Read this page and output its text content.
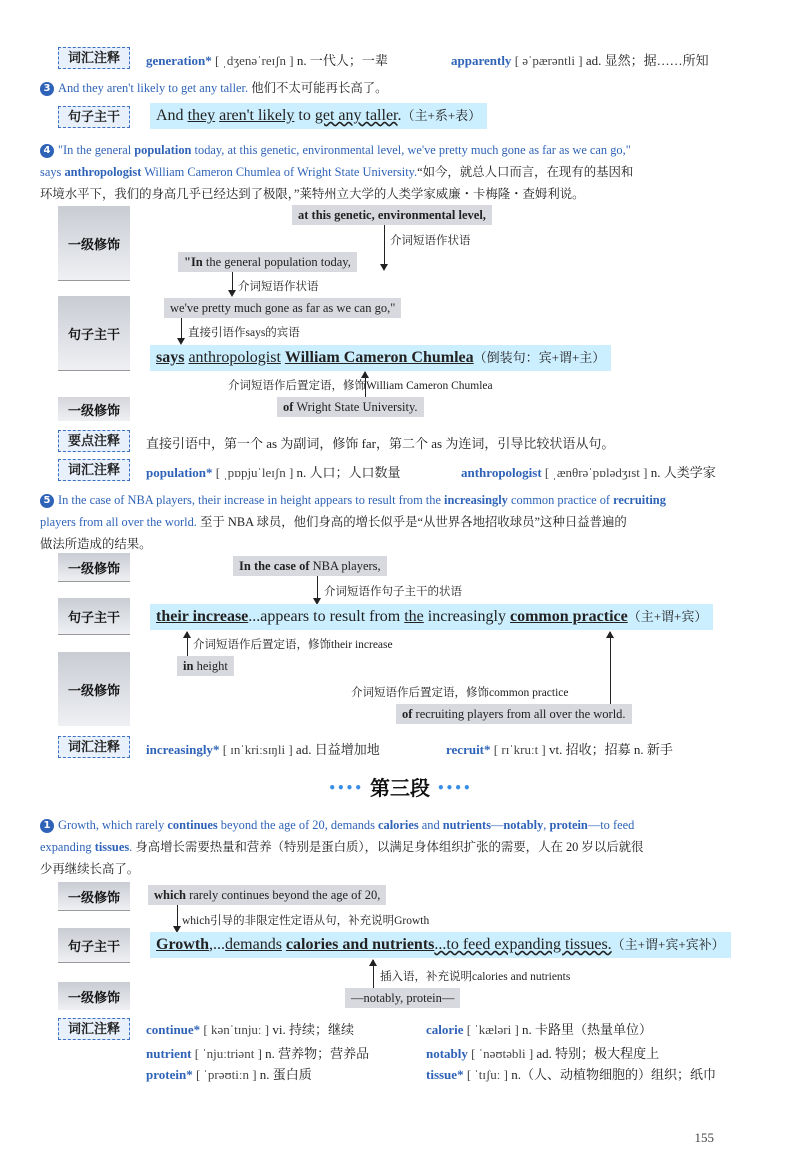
词汇注释	generation* [ ˌdʒenəˈreɪʃn ] n. 一代人；一辈	apparently [ əˈpærəntli ] ad. 显然；据……所知
3 And they aren't likely to get any taller. 他们不太可能再长高了。
句子主干	And they aren't likely to get any taller.（主+系+表）
4 "In the general population today, at this genetic, environmental level, we've pretty much gone as far as we can go,"
says anthropologist William Cameron Chumlea of Wright State University.“如今，就总人口而言，在现有的基因和
环境水平下，我们的身高几乎已经达到了极限，”莱特州立大学的人类学家威廉・卡梅隆・查姆利说。
一级修饰
句子主干
一级修饰
at this genetic, environmental level,
介词短语作状语
"In the general population today,
介词短语作状语
we've pretty much gone as far as we can go,"
直接引语作says的宾语
says anthropologist William Cameron Chumlea（倒装句：宾+谓+主）
介词短语作后置定语，修饰William Cameron Chumlea
of Wright State University.
要点注释	直接引语中，第一个 as 为副词，修饰 far，第二个 as 为连词，引导比较状语从句。
词汇注释	population* [ ˌpɒpjuˈleɪʃn ] n. 人口；人口数量	anthropologist [ ˌænθrəˈpɒlədʒɪst ] n. 人类学家
5 In the case of NBA players, their increase in height appears to result from the increasingly common practice of recruiting
players from all over the world. 至于 NBA 球员，他们身高的增长似乎是“从世界各地招收球员”这种日益普遍的
做法所造成的结果。
一级修饰
句子主干
一级修饰
In the case of NBA players,
介词短语作句子主干的状语
their increase...appears to result from the increasingly common practice（主+谓+宾）
介词短语作后置定语，修饰their increase
in height
介词短语作后置定语，修饰common practice
of recruiting players from all over the world.
词汇注释	increasingly* [ ɪnˈkriːsɪŋli ] ad. 日益增加地	recruit* [ rɪˈkruːt ] vt. 招收；招募 n. 新手
•••• 第三段 ••••
1 Growth, which rarely continues beyond the age of 20, demands calories and nutrients—notably, protein—to feed
expanding tissues. 身高增长需要热量和营养（特别是蛋白质），以满足身体组织扩张的需要，人在 20 岁以后就很
少再继续长高了。
一级修饰
句子主干
一级修饰
which rarely continues beyond the age of 20,
which引导的非限定性定语从句，补充说明Growth
Growth,...demands calories and nutrients...to feed expanding tissues.（主+谓+宾+宾补）
插入语，补充说明calories and nutrients
—notably, protein—
词汇注释	continue* [ kənˈtɪnjuː ] vi. 持续；继续	calorie [ ˈkæləri ] n. 卡路里（热量单位）
nutrient [ ˈnjuːtriənt ] n. 营养物；营养品	notably [ ˈnəʊtəbli ] ad. 特别；极大程度上
protein* [ ˈprəʊtiːn ] n. 蛋白质	tissue* [ ˈtɪʃuː ] n.（人、动植物细胞的）组织；纸巾
155
